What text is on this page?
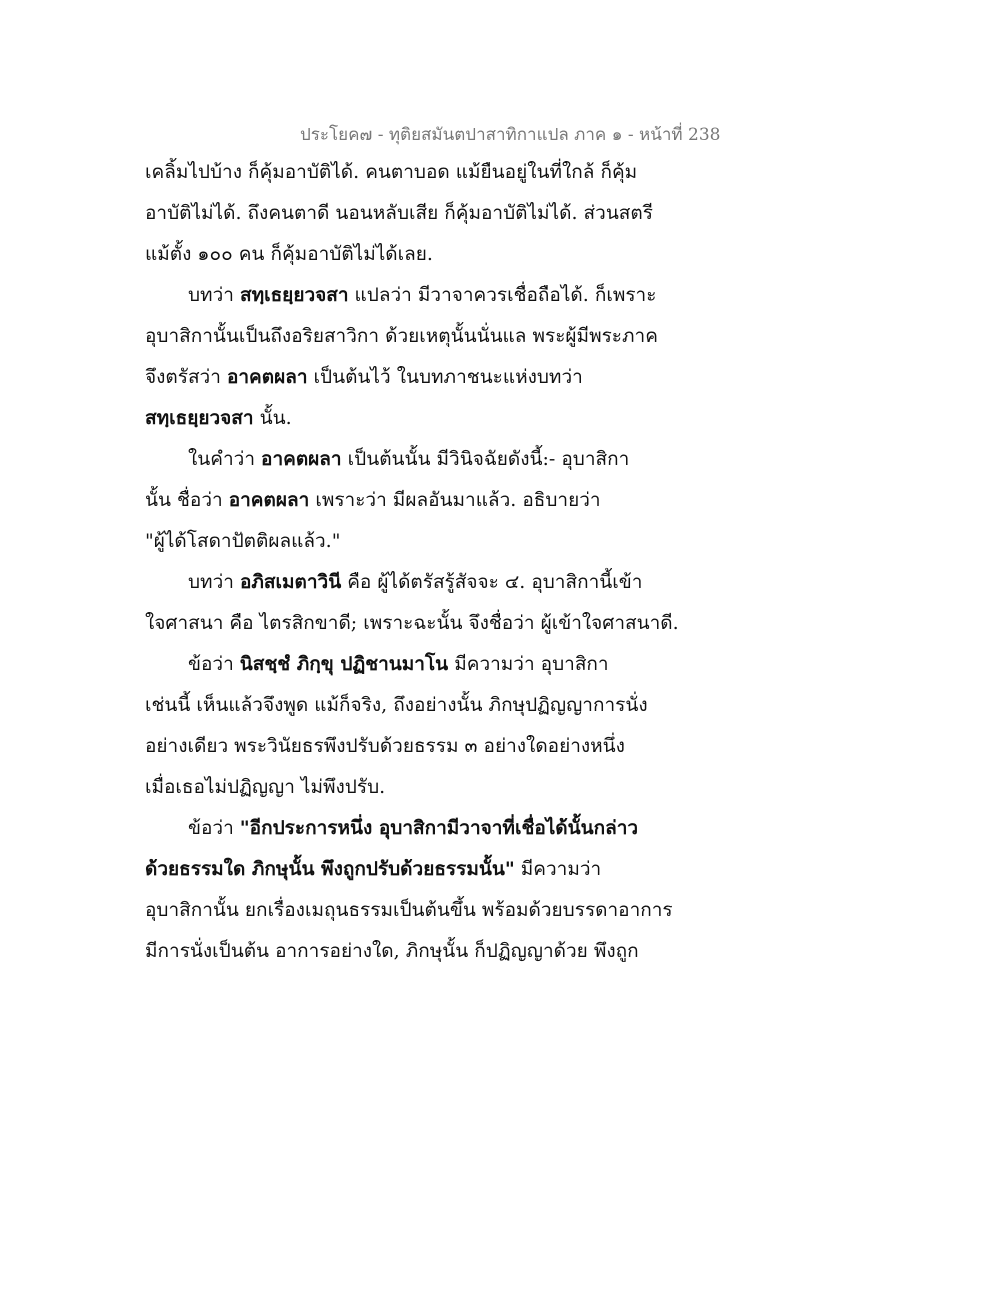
ประโยค๗ - ทุติยสมันตปาสาทิกาแปล ภาค ๑ - หน้าที่ 238
เคลิ้มไปบ้าง ก็คุ้มอาบัติได้. คนตาบอด แม้ยืนอยู่ในที่ใกล้ ก็คุ้ม
อาบัติไม่ได้. ถึงคนตาดี นอนหลับเสีย ก็คุ้มอาบัติไม่ได้. ส่วนสตรี
แม้ตั้ง ๑๐๐ คน ก็คุ้มอาบัติไม่ได้เลย.
บทว่า สทฺเธยฺยวจสา แปลว่า มีวาจาควรเชื่อถือได้. ก็เพราะ
อุบาสิกานั้นเป็นถึงอริยสาวิกา ด้วยเหตุนั้นนั่นแล พระผู้มีพระภาค
จึงตรัสว่า อาคตผลา เป็นต้นไว้ ในบทภาชนะแห่งบทว่า
สทฺเธยฺยวจสา นั้น.
ในคำว่า อาคตผลา เป็นต้นนั้น มีวินิจฉัยดังนี้:- อุบาสิกา
นั้น ชื่อว่า อาคตผลา เพราะว่า มีผลอันมาแล้ว. อธิบายว่า
"ผู้ได้โสดาปัตติผลแล้ว."
บทว่า อภิสเมตาวินี คือ ผู้ได้ตรัสรู้สัจจะ ๔. อุบาสิกานี้เข้า
ใจศาสนา คือ ไตรสิกขาดี; เพราะฉะนั้น จึงชื่อว่า ผู้เข้าใจศาสนาดี.
ข้อว่า นิสชฺชํ ภิกฺขุ ปฏิชานมาโน มีความว่า อุบาสิกา
เช่นนี้ เห็นแล้วจึงพูด แม้ก็จริง, ถึงอย่างนั้น ภิกษุปฏิญญาการนั่ง
อย่างเดียว พระวินัยธรพึงปรับด้วยธรรม ๓ อย่างใดอย่างหนึ่ง
เมื่อเธอไม่ปฏิญญา ไม่พึงปรับ.
ข้อว่า "อีกประการหนึ่ง อุบาสิกามีวาจาที่เชื่อได้นั้นกล่าว
ด้วยธรรมใด ภิกษุนั้น พึงถูกปรับด้วยธรรมนั้น" มีความว่า
อุบาสิกานั้น ยกเรื่องเมถุนธรรมเป็นต้นขึ้น พร้อมด้วยบรรดาอาการ
มีการนั่งเป็นต้น อาการอย่างใด, ภิกษุนั้น ก็ปฏิญญาด้วย พึงถูก
